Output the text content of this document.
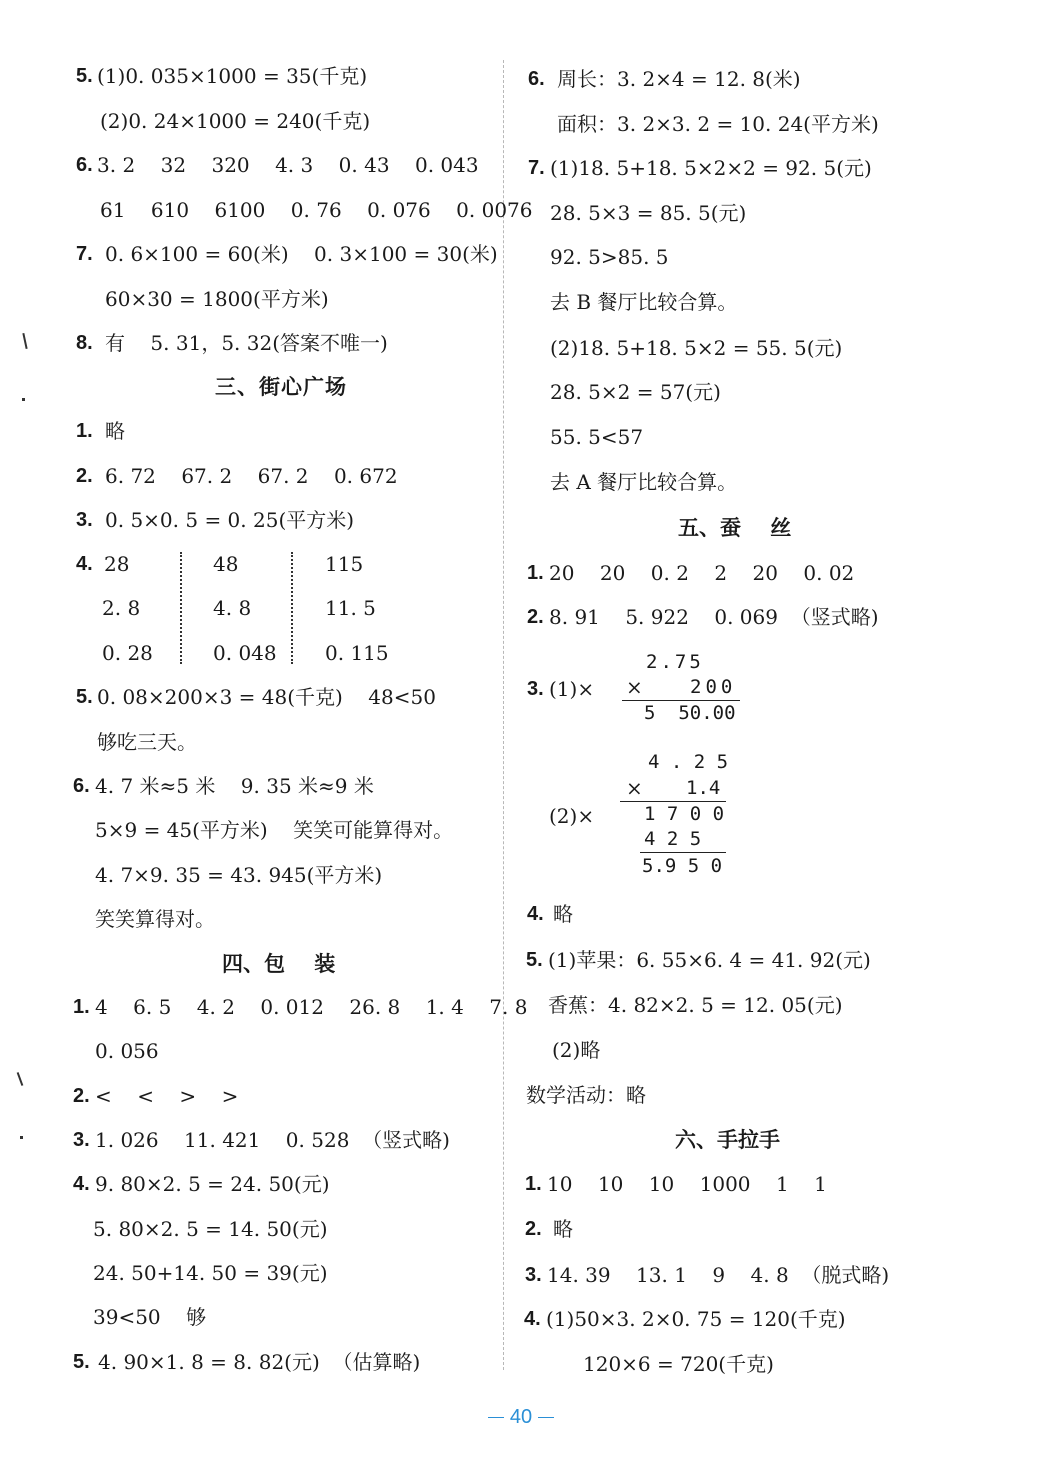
5. (1)0. 035×1000 = 35(千克)
(2)0. 24×1000 = 240(千克)
6. 3. 2    32    320    4. 3    0. 43    0. 043
61    610    6100    0. 76    0. 076    0. 0076
7. 0. 6×100 = 60(米)    0. 3×100 = 30(米)
60×30 = 1800(平方米)
8. 有    5. 31，5. 32(答案不唯一)
三、街心广场
1. 略
2. 6. 72    67. 2    67. 2    0. 672
3. 0. 5×0. 5 = 0. 25(平方米)
4. 28
2. 8
0. 28
48
4. 8
0. 048
115
11. 5
0. 115
5. 0. 08×200×3 = 48(千克)    48<50
够吃三天。
6. 4. 7 米≈5 米    9. 35 米≈9 米
5×9 = 45(平方米)    笑笑可能算得对。
4. 7×9. 35 = 43. 945(平方米)
笑笑算得对。
四、包    装
1. 4    6. 5    4. 2    0. 012    26. 8    1. 4    7. 8
0. 056
2. <    <    >    >
3. 1. 026    11. 421    0. 528  （竖式略)
4. 9. 80×2. 5 = 24. 50(元)
5. 80×2. 5 = 14. 50(元)
24. 50+14. 50 = 39(元)
39<50    够
5. 4. 90×1. 8 = 8. 82(元)  （估算略)
6. 周长：3. 2×4 = 12. 8(米)
面积：3. 2×3. 2 = 10. 24(平方米)
7. (1)18. 5+18. 5×2×2 = 92. 5(元)
28. 5×3 = 85. 5(元)
92. 5>85. 5
去 B 餐厅比较合算。
(2)18. 5+18. 5×2 = 55. 5(元)
28. 5×2 = 57(元)
55. 5<57
去 A 餐厅比较合算。
五、蚕    丝
1. 20    20    0. 2    2    20    0. 02
2. 8. 91    5. 922    0. 069  （竖式略)
3. (1)×
2.75
× 200
5  50.00
4 . 2 5
× 1.4
(2)×	1 7 0 0
4 2 5
5.9 5 0
4. 略
5. (1)苹果：6. 55×6. 4 = 41. 92(元)
香蕉：4. 82×2. 5 = 12. 05(元)
(2)略
数学活动：略
六、手拉手
1. 10    10    10    1000    1    1
2. 略
3. 14. 39    13. 1    9    4. 8  （脱式略)
4. (1)50×3. 2×0. 75 = 120(千克)
120×6 = 720(千克)
40
